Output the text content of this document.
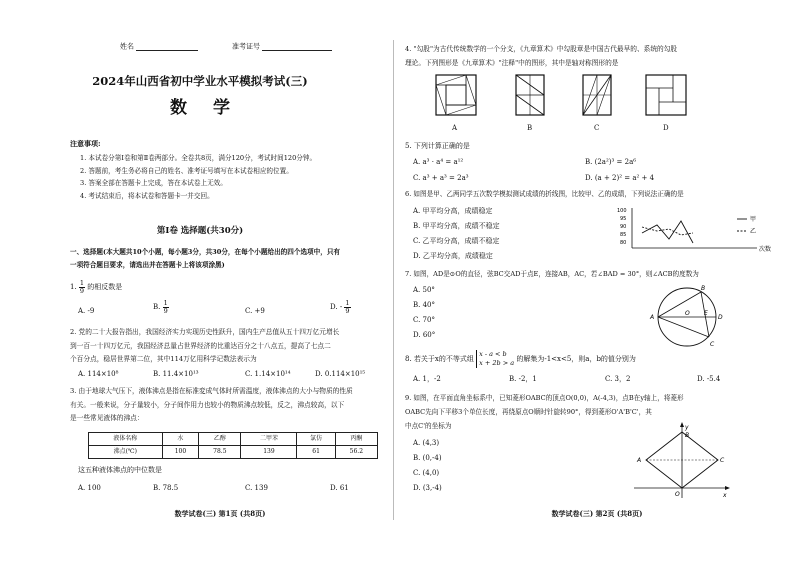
姓名	准考证号
2024年山西省初中学业水平模拟考试(三)
数 学
注意事项:
1. 本试卷分第Ⅰ卷和第Ⅱ卷两部分。全卷共8页，满分120分，考试时间120分钟。
2. 答题前，考生务必将自己的姓名、准考证号填写在本试卷相应的位置。
3. 答案全部在答题卡上完成，答在本试卷上无效。
4. 考试结束后，将本试卷和答题卡一并交回。
第Ⅰ卷 选择题(共30分)
一、选择题(本大题共10个小题，每小题3分，共30分，在每个小题给出的四个选项中，只有
一项符合题目要求，请选出并在答题卡上将该项涂黑)
1. $\frac{1}{9}$ 的相反数是
A. -9	B. $\frac{1}{9}$	C. +9	D. - $\frac{1}{9}$
2. 党的二十大报告指出，我国经济实力实现历史性跃升，国内生产总值从五十四万亿元增长
到一百一十四万亿元，我国经济总量占世界经济的比重达百分之十八点五，提高了七点二
个百分点，稳居世界第二位，其中114万亿用科学记数法表示为
A. 114×10⁸	B. 11.4×10¹³	C. 1.14×10¹⁴	D. 0.114×10¹⁵
3. 由于地球大气压下，液体沸点是指在标准変成气体时所需温度，液体沸点的大小与物质的性质
有关。一般来说，分子量较小，分子间作用力也较小的物质沸点较低，反之，沸点较高，以下
是一些常见液体的沸点：
液体名称	水	乙醇	二甲苯	氯仿	丙酮
沸点(℃)	100	78.5	139	61	56.2
这五种液体沸点的中位数是
A. 100	B. 78.5	C. 139	D. 61
数学试卷(三) 第1页 (共8页)
4. "勾股"为古代传统数学的一个分支，《九章算术》中勾股章是中国古代最早的、系统的勾股
理论。下列图形是《九章算术》"注释"中的图形，其中是轴对称图形的是
A	B	C	D
5. 下列计算正确的是
A. a³ · a⁴ = a¹²	B. (2a²)³ = 2a⁶
C. a³ + a³ = 2a³	D. (a + 2)² = a² + 4
6. 如图是甲、乙两同学五次数学模拟测试成绩的折线图，比较甲、乙的成绩，下列说法正确的是
A. 甲平均分高，成绩稳定
B. 甲平均分高，成绩不稳定
C. 乙平均分高，成绩不稳定
D. 乙平均分高，成绩稳定
100
95
90
85
80
甲
乙
次数
7. 如图，AD是⊙O的直径，弦BC交AD于点E，连接AB，AC，若∠BAD = 30°，则∠ACB的度数为
A. 50°
B. 40°
C. 70°
D. 60°
A
B
C
D
O E
8. 若关于x的不等式组
x - a < b
x + 2b > a 的解集为-1<x<5，则a，b的值分别为
A. 1，-2	B. -2，1	C. 3，2	D. -5.4
9. 如图，在平面直角坐标系中，已知菱形OABC的顶点O(0,0)，A(-4,3)，点B在y轴上，将菱形
OABC先向下平移3个单位长度，再绕原点O顺时针旋转90°，得到菱形O'A'B'C'，其
中点C'的坐标为
A. (4,3)
B. (0,-4)
C. (4,0)
D. (3,-4)
y
B
A	C
O	x
数学试卷(三) 第2页 (共8页)
